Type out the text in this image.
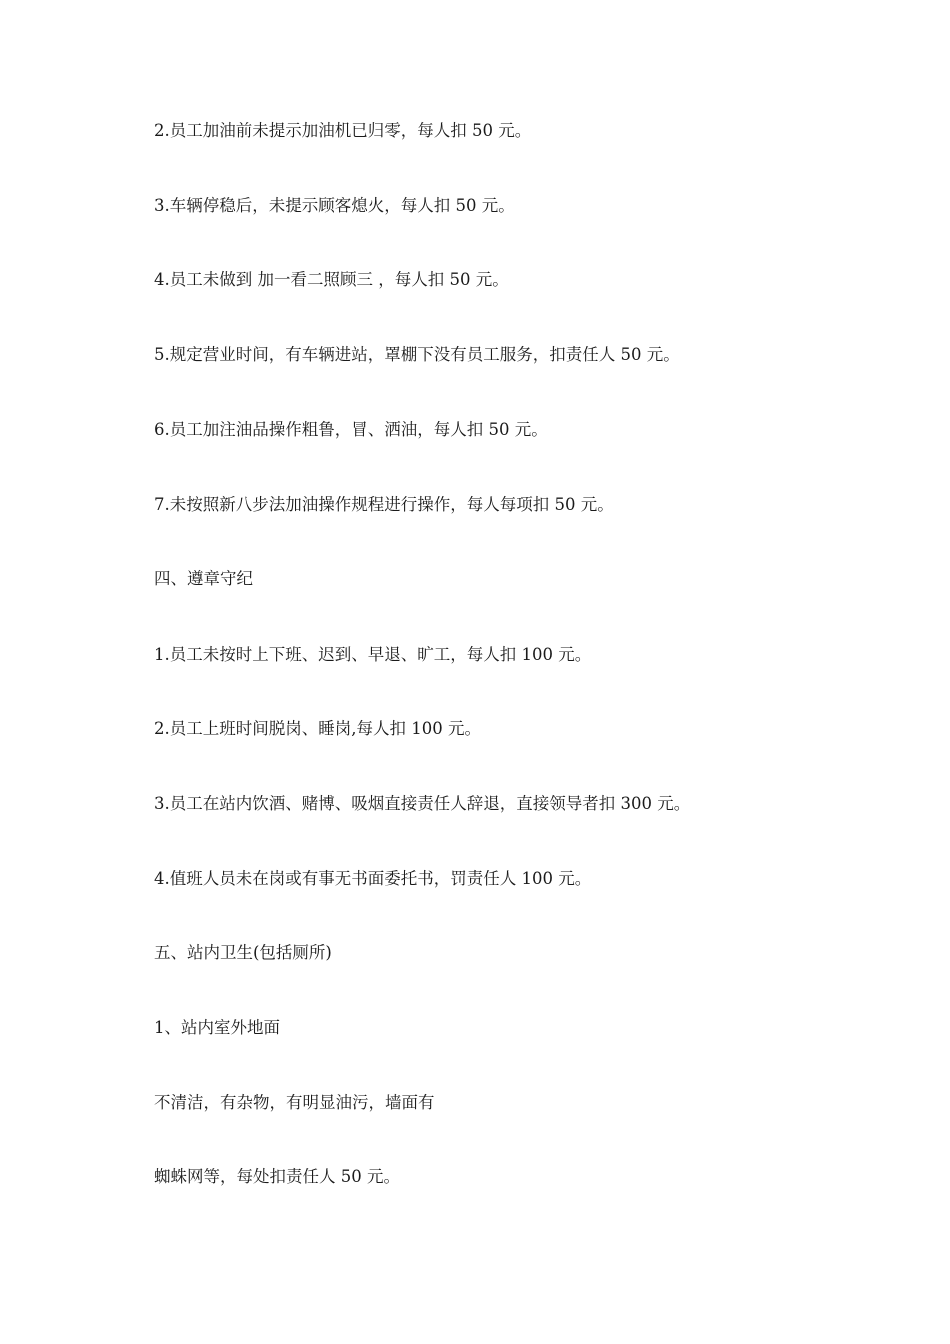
2.员工加油前未提示加油机已归零，每人扣 50 元。
3.车辆停稳后，未提示顾客熄火，每人扣 50 元。
4.员工未做到 加一看二照顾三 ，每人扣 50 元。
5.规定营业时间，有车辆进站，罩棚下没有员工服务，扣责任人 50 元。
6.员工加注油品操作粗鲁，冒、洒油，每人扣 50 元。
7.未按照新八步法加油操作规程进行操作，每人每项扣 50 元。
四、遵章守纪
1.员工未按时上下班、迟到、早退、旷工，每人扣 100 元。
2.员工上班时间脱岗、睡岗,每人扣 100 元。
3.员工在站内饮酒、赌博、吸烟直接责任人辞退，直接领导者扣 300 元。
4.值班人员未在岗或有事无书面委托书，罚责任人 100 元。
五、站内卫生(包括厕所)
1、站内室外地面
不清洁，有杂物，有明显油污，墙面有
蜘蛛网等，每处扣责任人 50 元。
